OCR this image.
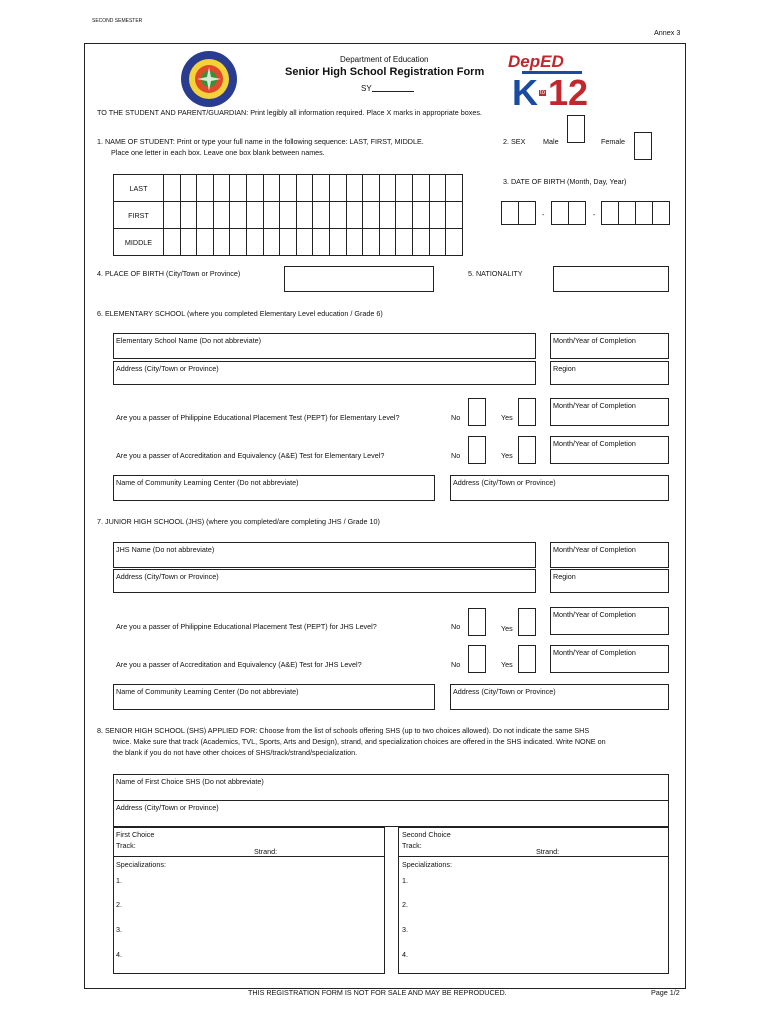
SECOND SEMESTER
Annex 3
Department of Education
Senior High School Registration Form
SY
DepED
K to 12
TO THE STUDENT AND PARENT/GUARDIAN: Print legibly all information required. Place X marks in appropriate boxes.
1. NAME OF STUDENT: Print or type your full name in the following sequence: LAST, FIRST, MIDDLE.
Place one letter in each box. Leave one box blank between names.
LAST																		
FIRST																		
MIDDLE																		
2. SEX Male	Female
3. DATE OF BIRTH (Month, Day, Year)
-	-
4. PLACE OF BIRTH (City/Town or Province)	5. NATIONALITY
6. ELEMENTARY SCHOOL (where you completed Elementary Level education / Grade 6)
Elementary School Name (Do not abbreviate)	Month/Year of Completion
Address (City/Town or Province)	Region
Are you a passer of Philippine Educational Placement Test (PEPT) for Elementary Level?	No	Yes
Month/Year of Completion
Are you a passer of Accreditation and Equivalency (A&E) Test for Elementary Level?	No	Yes
Month/Year of Completion
Name of Community Learning Center (Do not abbreviate)	Address (City/Town or Province)
7. JUNIOR HIGH SCHOOL (JHS) (where you completed/are completing JHS / Grade 10)
JHS Name (Do not abbreviate)	Month/Year of Completion
Address (City/Town or Province)	Region
Are you a passer of Philippine Educational Placement Test (PEPT) for JHS Level?	No	Yes
Month/Year of Completion
Are you a passer of Accreditation and Equivalency (A&E) Test for JHS Level?	No	Yes
Month/Year of Completion
Name of Community Learning Center (Do not abbreviate)	Address (City/Town or Province)
8. SENIOR HIGH SCHOOL (SHS) APPLIED FOR: Choose from the list of schools offering SHS (up to two choices allowed). Do not indicate the same SHS
twice. Make sure that track (Academics, TVL, Sports, Arts and Design), strand, and specialization choices are offered in the SHS indicated. Write NONE on
the blank if you do not have other choices of SHS/track/strand/specialization.
Name of First Choice SHS (Do not abbreviate)
Address (City/Town or Province)
First Choice
Track:
Strand:
Specializations:
1.
2.
3.
4.
Second Choice
Track:
Strand:
Specializations:
1.
2.
3.
4.
THIS REGISTRATION FORM IS NOT FOR SALE AND MAY BE REPRODUCED.	Page 1/2
